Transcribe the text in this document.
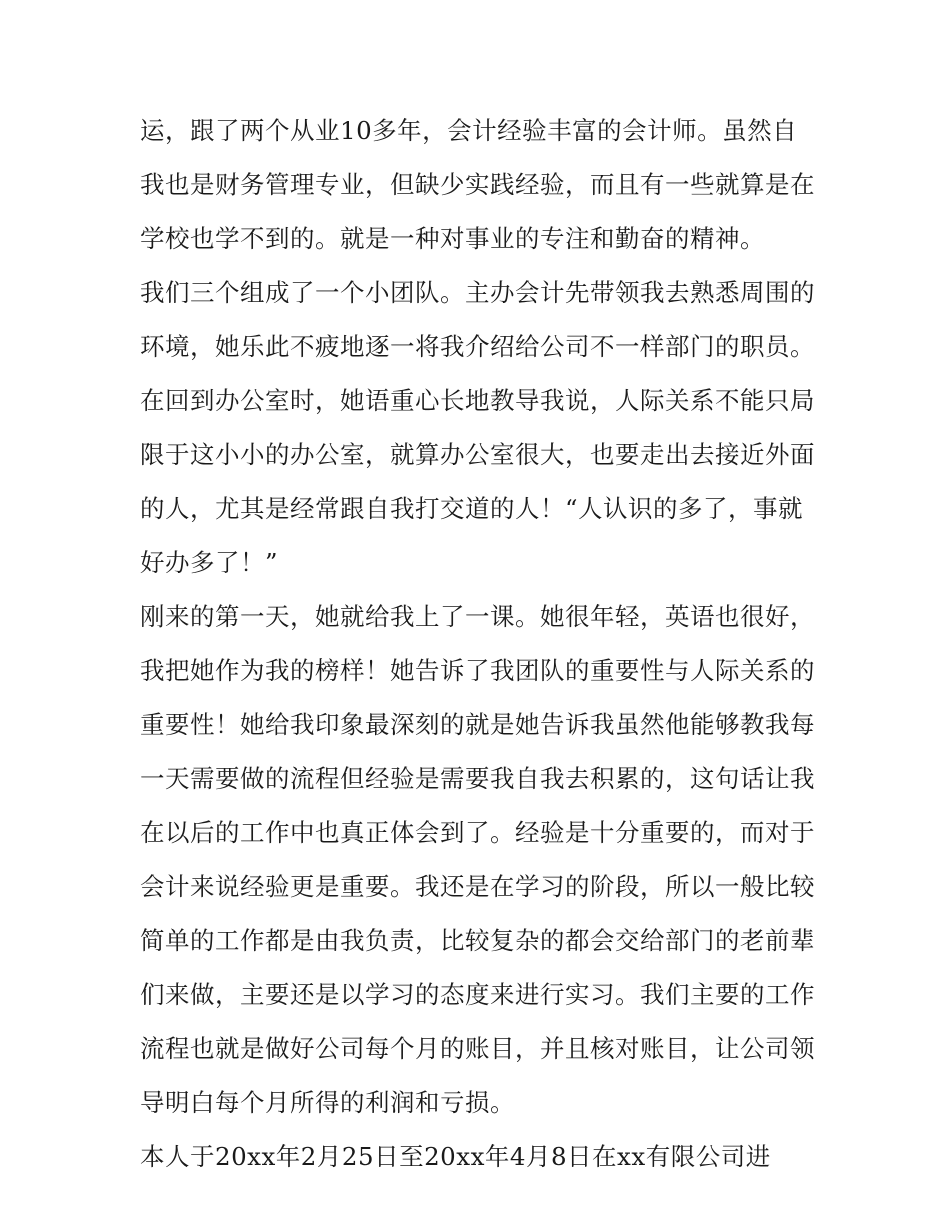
运，跟了两个从业10多年，会计经验丰富的会计师。虽然自
我也是财务管理专业，但缺少实践经验，而且有一些就算是在
学校也学不到的。就是一种对事业的专注和勤奋的精神。
我们三个组成了一个小团队。主办会计先带领我去熟悉周围的
环境，她乐此不疲地逐一将我介绍给公司不一样部门的职员。
在回到办公室时，她语重心长地教导我说，人际关系不能只局
限于这小小的办公室，就算办公室很大，也要走出去接近外面
的人，尤其是经常跟自我打交道的人！“人认识的多了，事就
好办多了！”
刚来的第一天，她就给我上了一课。她很年轻，英语也很好，
我把她作为我的榜样！她告诉了我团队的重要性与人际关系的
重要性！她给我印象最深刻的就是她告诉我虽然他能够教我每
一天需要做的流程但经验是需要我自我去积累的，这句话让我
在以后的工作中也真正体会到了。经验是十分重要的，而对于
会计来说经验更是重要。我还是在学习的阶段，所以一般比较
简单的工作都是由我负责，比较复杂的都会交给部门的老前辈
们来做，主要还是以学习的态度来进行实习。我们主要的工作
流程也就是做好公司每个月的账目，并且核对账目，让公司领
导明白每个月所得的利润和亏损。
本人于20xx年2月25日至20xx年4月8日在xx有限公司进
